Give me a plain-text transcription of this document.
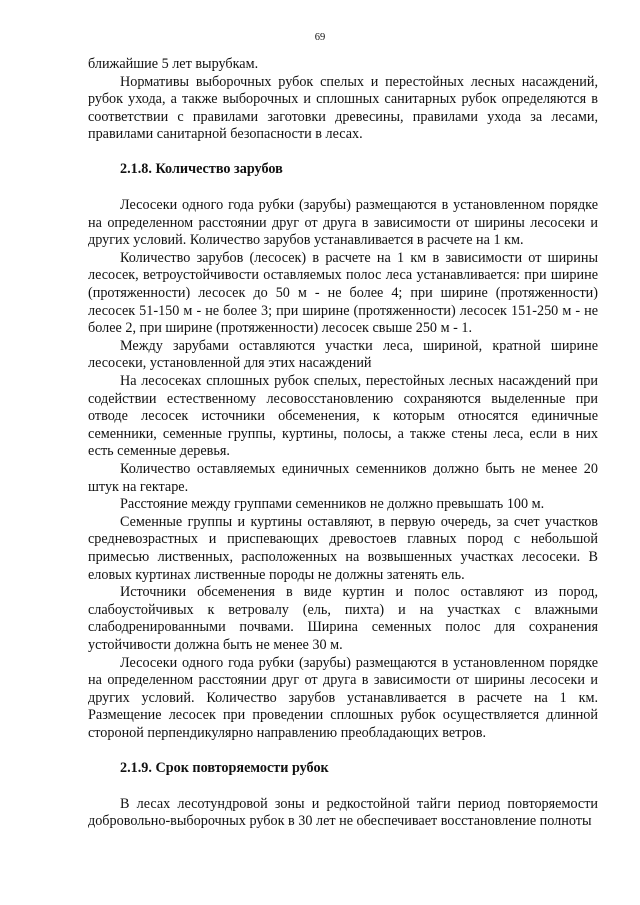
69

ближайшие 5 лет вырубкам.

Нормативы выборочных рубок спелых и перестойных лесных насаждений, рубок ухода, а также выборочных и сплошных санитарных рубок определяются в соответствии с правилами заготовки древесины, правилами ухода за лесами, правилами санитарной безопасности в лесах.

2.1.8. Количество зарубов

Лесосеки одного года рубки (зарубы) размещаются в установленном порядке на определенном расстоянии друг от друга в зависимости от ширины лесосеки и других условий. Количество зарубов устанавливается в расчете на 1 км.

Количество зарубов (лесосек) в расчете на 1 км в зависимости от ширины лесосек, ветроустойчивости оставляемых полос леса устанавливается: при ширине (протяженности) лесосек до 50 м - не более 4; при ширине (протяженности) лесосек 51-150 м - не более 3; при ширине (протяженности) лесосек 151-250 м - не более 2, при ширине (протяженности) лесосек свыше 250 м - 1.

Между зарубами оставляются участки леса, шириной, кратной ширине лесосеки, установленной для этих насаждений

На лесосеках сплошных рубок спелых, перестойных лесных насаждений при содействии естественному лесовосстановлению сохраняются выделенные при отводе лесосек источники обсеменения, к которым относятся единичные семенники, семенные группы, куртины, полосы, а также стены леса, если в них есть семенные деревья.

Количество оставляемых единичных семенников должно быть не менее 20 штук на гектаре.

Расстояние между группами семенников не должно превышать 100 м.

Семенные группы и куртины оставляют, в первую очередь, за счет участков средневозрастных и приспевающих древостоев главных пород с небольшой примесью лиственных, расположенных на возвышенных участках лесосеки. В еловых куртинах лиственные породы не должны затенять ель.

Источники обсеменения в виде куртин и полос оставляют из пород, слабоустойчивых к ветровалу (ель, пихта) и на участках с влажными слабодренированными почвами. Ширина семенных полос для сохранения устойчивости должна быть не менее 30 м.

Лесосеки одного года рубки (зарубы) размещаются в установленном порядке на определенном расстоянии друг от друга в зависимости от ширины лесосеки и других условий. Количество зарубов устанавливается в расчете на 1 км. Размещение лесосек при проведении сплошных рубок осуществляется длинной стороной перпендикулярно направлению преобладающих ветров.

2.1.9. Срок повторяемости рубок

В лесах лесотундровой зоны и редкостойной тайги период повторяемости добровольно-выборочных рубок в 30 лет не обеспечивает восстановление полноты
